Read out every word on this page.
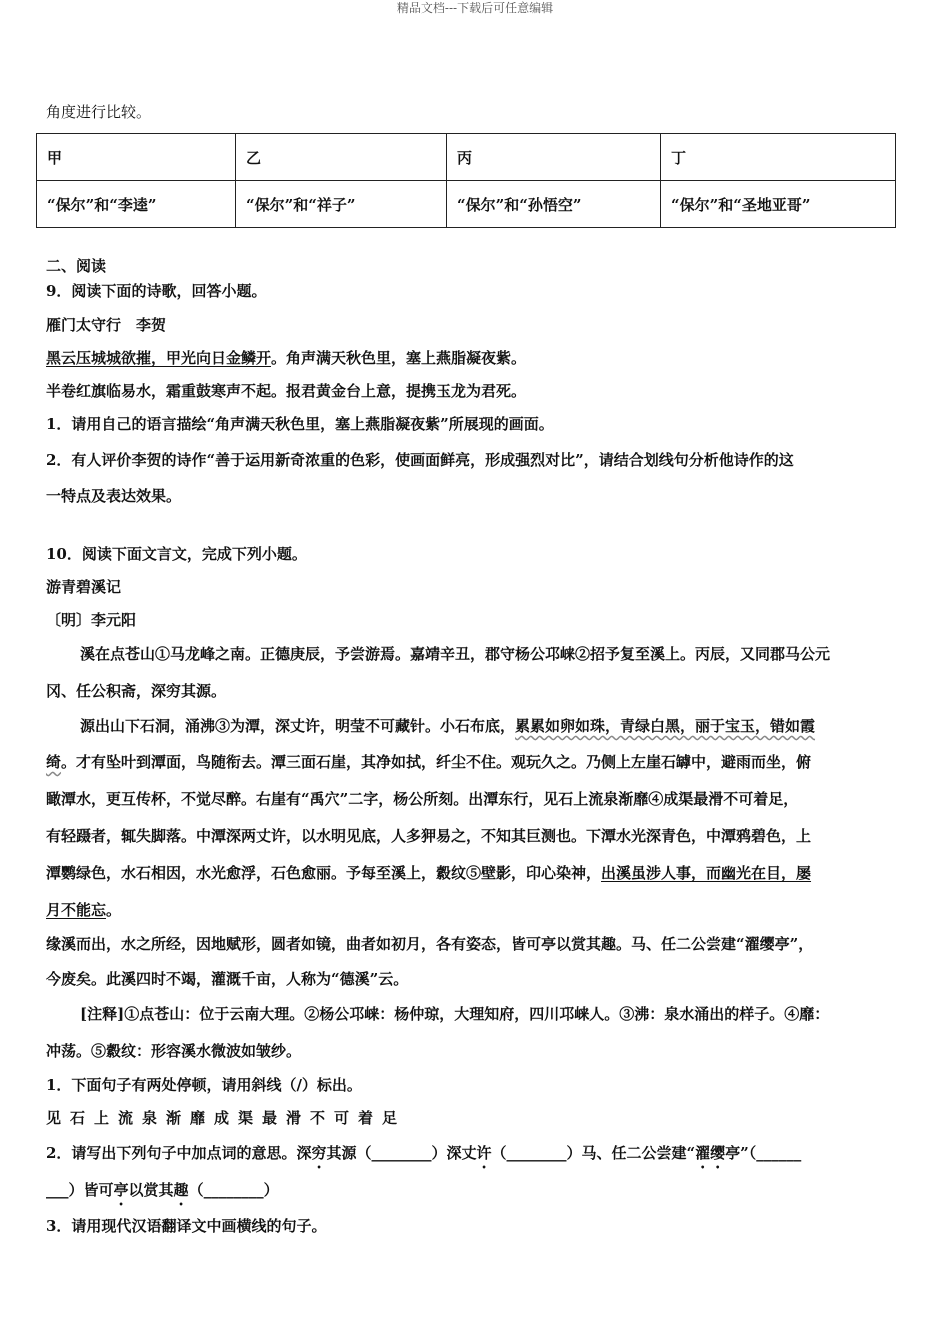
精品文档---下载后可任意编辑
角度进行比较。
甲	乙	丙	丁
“保尔”和“李逵”	“保尔”和“祥子”	“保尔”和“孙悟空”	“保尔”和“圣地亚哥”
二、阅读
9．阅读下面的诗歌，回答小题。
雁门太守行　李贺
黑云压城城欲摧，甲光向日金鳞开。角声满天秋色里，塞上燕脂凝夜紫。
半卷红旗临易水，霜重鼓寒声不起。报君黄金台上意，提携玉龙为君死。
1．请用自己的语言描绘“角声满天秋色里，塞上燕脂凝夜紫”所展现的画面。
2．有人评价李贺的诗作“善于运用新奇浓重的色彩，使画面鲜亮，形成强烈对比”，请结合划线句分析他诗作的这
一特点及表达效果。
10．阅读下面文言文，完成下列小题。
游青碧溪记
〔明〕李元阳
溪在点苍山①马龙峰之南。正德庚辰，予尝游焉。嘉靖辛丑，郡守杨公邛崃②招予复至溪上。丙辰，又同郡马公元
冈、任公积斋，深穷其源。
源出山下石洞，涌沸③为潭，深丈许，明莹不可藏针。小石布底，累累如卵如珠，青绿白黑，丽于宝玉，错如霞
绮。才有坠叶到潭面，鸟随衔去。潭三面石崖，其净如拭，纤尘不住。观玩久之。乃侧上左崖石罅中，避雨而坐，俯
瞰潭水，更互传杯，不觉尽醉。右崖有“禹穴”二字，杨公所刻。出潭东行，见石上流泉渐靡④成渠最滑不可着足，
有轻蹑者，辄失脚落。中潭深两丈许，以水明见底，人多狎易之，不知其巨测也。下潭水光深青色，中潭鸦碧色，上
潭鹦绿色，水石相因，水光愈浮，石色愈丽。予每至溪上，縠纹⑤壁影，印心染神，出溪虽涉人事，而幽光在目，屡
月不能忘。
缘溪而出，水之所经，因地赋形，圆者如镜，曲者如初月，各有姿态，皆可亭以赏其趣。马、任二公尝建“濯缨亭”，
今废矣。此溪四时不竭，灌溉千亩，人称为“德溪”云。
[注释]①点苍山：位于云南大理。②杨公邛崃：杨仲琼，大理知府，四川邛崃人。③沸：泉水涌出的样子。④靡：
冲荡。⑤縠纹：形容溪水微波如皱纱。
1．下面句子有两处停顿，请用斜线（/）标出。
见石上流泉渐靡成渠最滑不可着足
2．请写出下列句子中加点词的意思。深穷其源（________）深丈许（________）马、任二公尝建“濯缨亭”（______
___）皆可亭以赏其趣（________）
3．请用现代汉语翻译文中画横线的句子。
